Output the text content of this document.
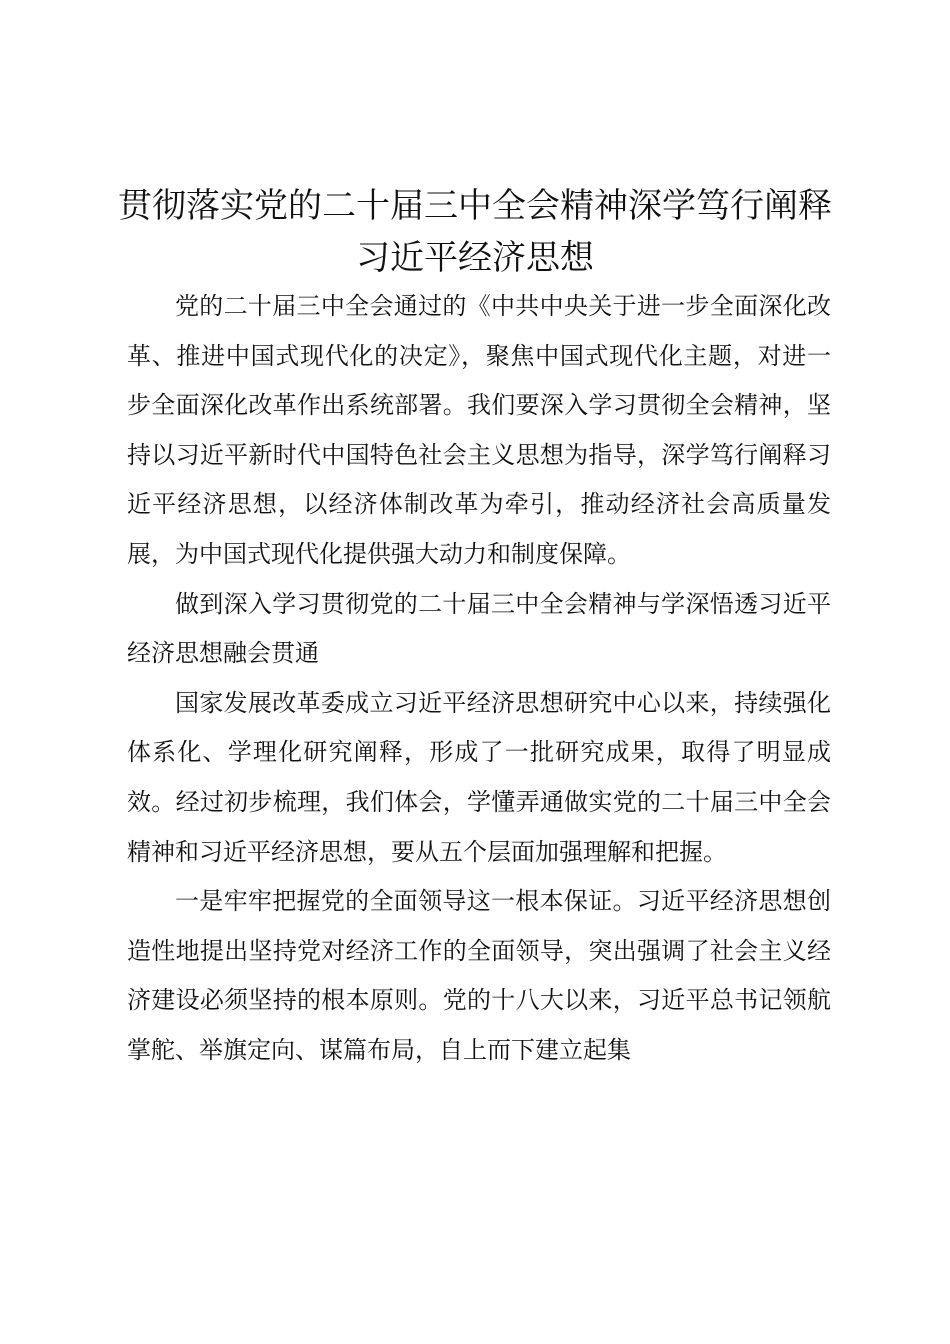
贯彻落实党的二十届三中全会精神深学笃行阐释习近平经济思想

党的二十届三中全会通过的《中共中央关于进一步全面深化改革、推进中国式现代化的决定》，聚焦中国式现代化主题，对进一步全面深化改革作出系统部署。我们要深入学习贯彻全会精神，坚持以习近平新时代中国特色社会主义思想为指导，深学笃行阐释习近平经济思想，以经济体制改革为牵引，推动经济社会高质量发展，为中国式现代化提供强大动力和制度保障。

做到深入学习贯彻党的二十届三中全会精神与学深悟透习近平经济思想融会贯通

国家发展改革委成立习近平经济思想研究中心以来，持续强化体系化、学理化研究阐释，形成了一批研究成果，取得了明显成效。经过初步梳理，我们体会，学懂弄通做实党的二十届三中全会精神和习近平经济思想，要从五个层面加强理解和把握。

一是牢牢把握党的全面领导这一根本保证。习近平经济思想创造性地提出坚持党对经济工作的全面领导，突出强调了社会主义经济建设必须坚持的根本原则。党的十八大以来，习近平总书记领航掌舵、举旗定向、谋篇布局，自上而下建立起集
